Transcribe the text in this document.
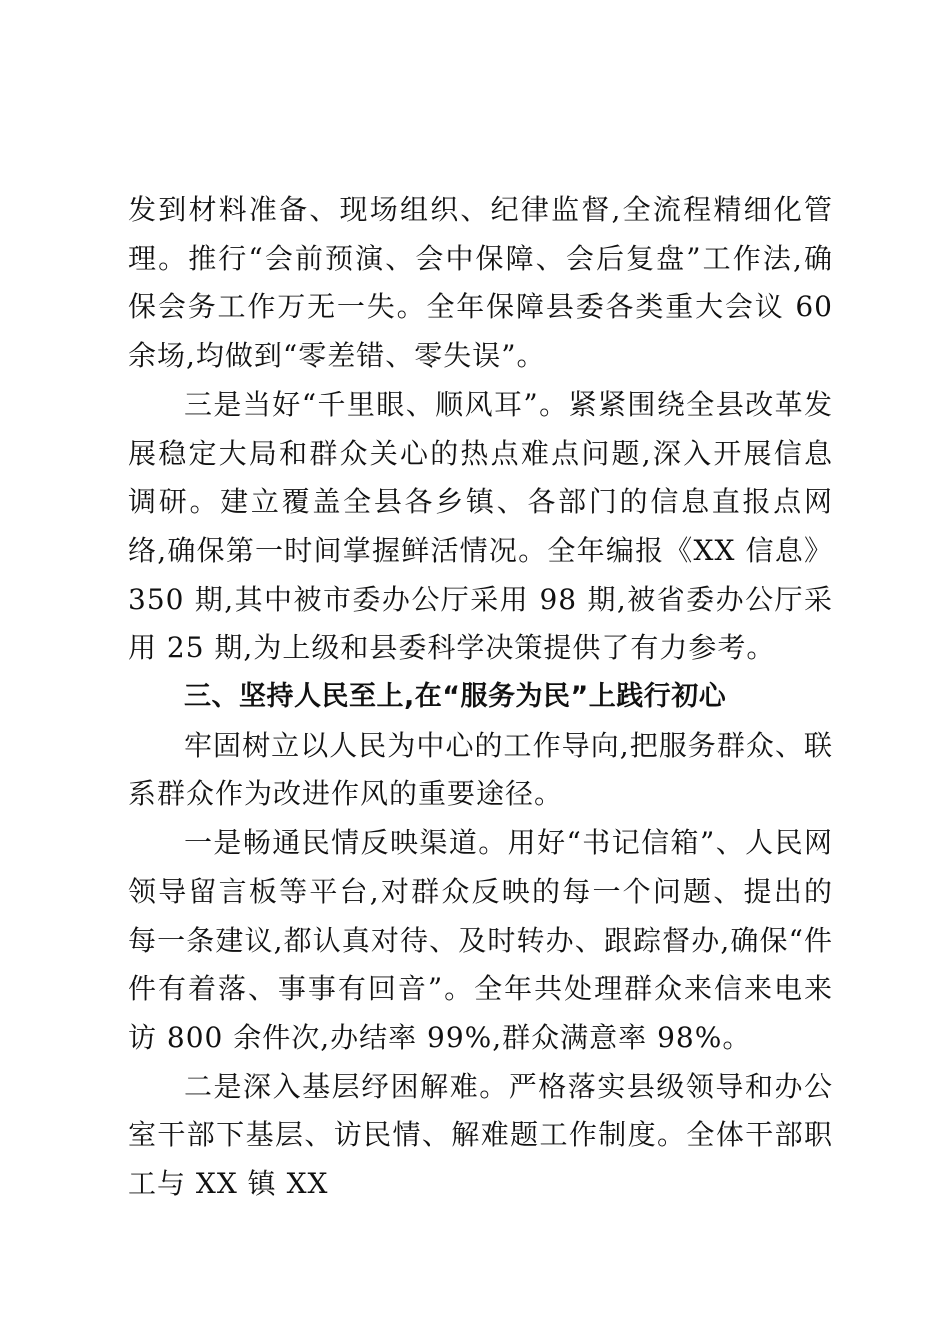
发到材料准备、现场组织、纪律监督,全流程精细化管理。推行“会前预演、会中保障、会后复盘”工作法,确保会务工作万无一失。全年保障县委各类重大会议 60 余场,均做到“零差错、零失误”。

三是当好“千里眼、顺风耳”。紧紧围绕全县改革发展稳定大局和群众关心的热点难点问题,深入开展信息调研。建立覆盖全县各乡镇、各部门的信息直报点网络,确保第一时间掌握鲜活情况。全年编报《XX 信息》350 期,其中被市委办公厅采用 98 期,被省委办公厅采用 25 期,为上级和县委科学决策提供了有力参考。

三、坚持人民至上,在“服务为民”上践行初心

牢固树立以人民为中心的工作导向,把服务群众、联系群众作为改进作风的重要途径。

一是畅通民情反映渠道。用好“书记信箱”、人民网领导留言板等平台,对群众反映的每一个问题、提出的每一条建议,都认真对待、及时转办、跟踪督办,确保“件件有着落、事事有回音”。全年共处理群众来信来电来访 800 余件次,办结率 99%,群众满意率 98%。

二是深入基层纾困解难。严格落实县级领导和办公室干部下基层、访民情、解难题工作制度。全体干部职工与 XX 镇 XX
